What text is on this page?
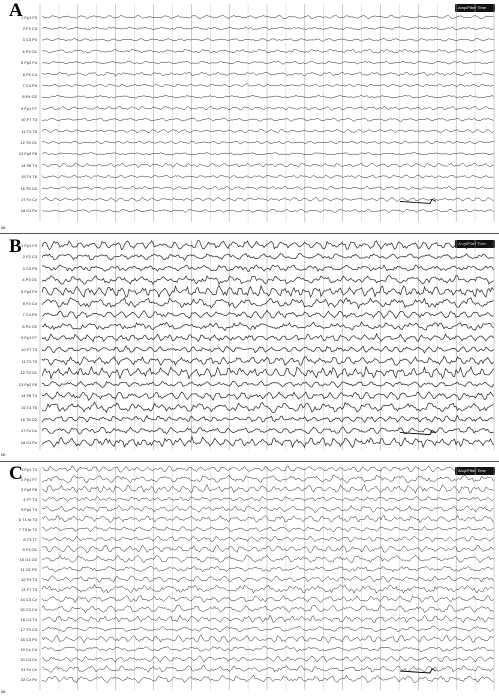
A	Amp/Filter Time
Mt
1 Fp1 F3
2 F3 C3
3 C3 P3
4 P3 O1
5 Fp2 F4
6 F4 C4
7 C4 P4
8 P4 O2
9 Fp1 F7
10 F7 T3
11 T3 T5
12 T5 O1
13 Fp2 F8
14 F8 T4
15 T4 T6
16 T6 O2
17 Fz Cz
18 Cz Pz
B	Amp/Filter Time
Mt
1 Fp1 F3
2 F3 C3
3 C3 P3
4 P3 O1
5 Fp2 F4
6 F4 C4
7 C4 P4
8 P4 O2
9 Fp1 F7
10 F7 T3
11 T3 T5
12 T5 O1
13 Fp2 F8
14 F8 T4
15 T4 T6
16 T6 O2
17 Fz Cz
18 Cz Pz
C	Amp/Filter Time
Mt
1 Fp1 T3
2 Fp1 F7
3 Fp2 F8
4 F7 T3
5 Fp2 T4
6 T1 to T3
7 T3 to T2
8 T3 T7
9 F3 O1
10 O1 O2
11 O1 P2
12 F4 T3
13 F7 T3
14 C3 Cz
15 C3 C4
16 C4 T4
17 T3 C3
18 C3 P3
19 Cz C4
20 C4 Cz
21 Fz Cz
22 Cz Pz
